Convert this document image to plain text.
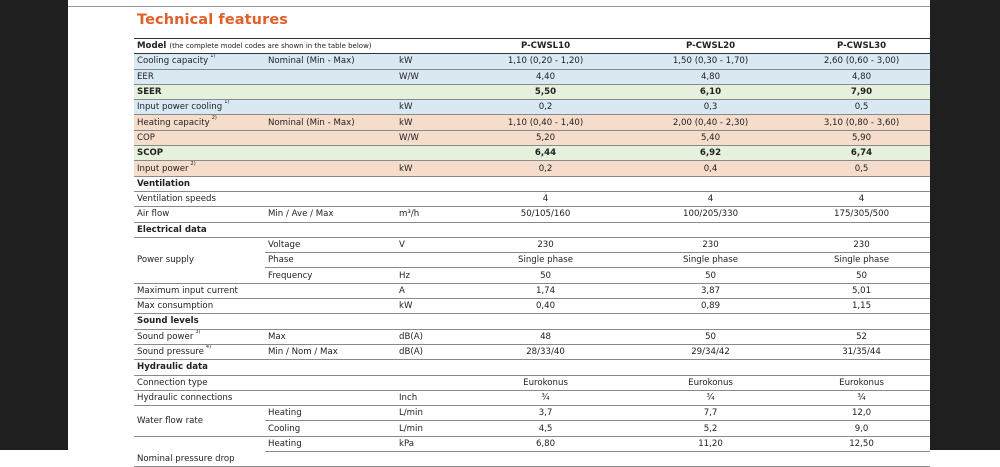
Technical features
Model (the complete model codes are shown in the table below)			P-CWSL10	P-CWSL20	P-CWSL30
Cooling capacity $^{1)}$	Nominal (Min - Max)	kW	1,10 (0,20 - 1,20)	1,50 (0,30 - 1,70)	2,60 (0,60 - 3,00)
EER		W/W	4,40	4,80	4,80
SEER			5,50	6,10	7,90
Input power cooling $^{1)}$		kW	0,2	0,3	0,5
Heating capacity $^{2)}$	Nominal (Min - Max)	kW	1,10 (0,40 - 1,40)	2,00 (0,40 - 2,30)	3,10 (0,80 - 3,60)
COP		W/W	5,20	5,40	5,90
SCOP			6,44	6,92	6,74
Input power $^{2)}$		kW	0,2	0,4	0,5
Ventilation					
Ventilation speeds			4	4	4
Air flow	Min / Ave / Max	m³/h	50/105/160	100/205/330	175/305/500
Electrical data					
Power supply	Voltage	V	230	230	230
	Phase		Single phase	Single phase	Single phase
	Frequency	Hz	50	50	50
Maximum input current		A	1,74	3,87	5,01
Max consumption		kW	0,40	0,89	1,15
Sound levels					
Sound power $^{3)}$	Max	dB(A)	48	50	52
Sound pressure $^{4)}$	Min / Nom / Max	dB(A)	28/33/40	29/34/42	31/35/44
Hydraulic data					
Connection type			Eurokonus	Eurokonus	Eurokonus
Hydraulic connections		Inch	¾	¾	¾
Water flow rate	Heating	L/min	3,7	7,7	12,0
	Cooling	L/min	4,5	5,2	9,0
Nominal pressure drop	Heating	kPa	6,80	11,20	12,50
